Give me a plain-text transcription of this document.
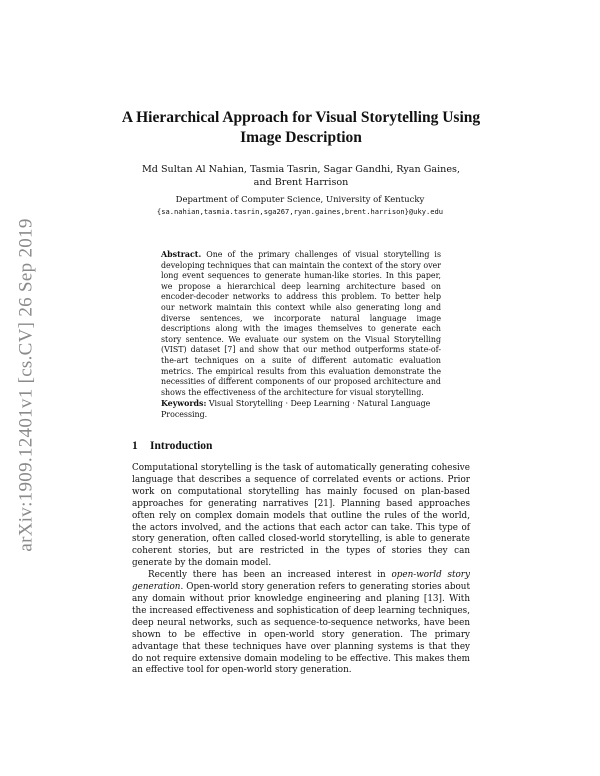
arXiv:1909.12401v1 [cs.CV] 26 Sep 2019
A Hierarchical Approach for Visual Storytelling Using Image Description
Md Sultan Al Nahian, Tasmia Tasrin, Sagar Gandhi, Ryan Gaines, and Brent Harrison
Department of Computer Science, University of Kentucky
{sa.nahian,tasmia.tasrin,sga267,ryan.gaines,brent.harrison}@uky.edu
Abstract. One of the primary challenges of visual storytelling is developing techniques that can maintain the context of the story over long event sequences to generate human-like stories. In this paper, we propose a hierarchical deep learning architecture based on encoder-decoder networks to address this problem. To better help our network maintain this context while also generating long and diverse sentences, we incorporate natural language image descriptions along with the images themselves to generate each story sentence. We evaluate our system on the Visual Storytelling (VIST) dataset [7] and show that our method outperforms state-of-the-art techniques on a suite of different automatic evaluation metrics. The empirical results from this evaluation demonstrate the necessities of different components of our proposed architecture and shows the effectiveness of the architecture for visual storytelling.
Keywords: Visual Storytelling · Deep Learning · Natural Language Processing.
1 Introduction

Computational storytelling is the task of automatically generating cohesive language that describes a sequence of correlated events or actions. Prior work on computational storytelling has mainly focused on plan-based approaches for generating narratives [21]. Planning based approaches often rely on complex domain models that outline the rules of the world, the actors involved, and the actions that each actor can take. This type of story generation, often called closed-world storytelling, is able to generate coherent stories, but are restricted in the types of stories they can generate by the domain model.

Recently there has been an increased interest in open-world story generation. Open-world story generation refers to generating stories about any domain without prior knowledge engineering and planing [13]. With the increased effectiveness and sophistication of deep learning techniques, deep neural networks, such as sequence-to-sequence networks, have been shown to be effective in open-world story generation. The primary advantage that these techniques have over planning systems is that they do not require extensive domain modeling to be effective. This makes them an effective tool for open-world story generation.
